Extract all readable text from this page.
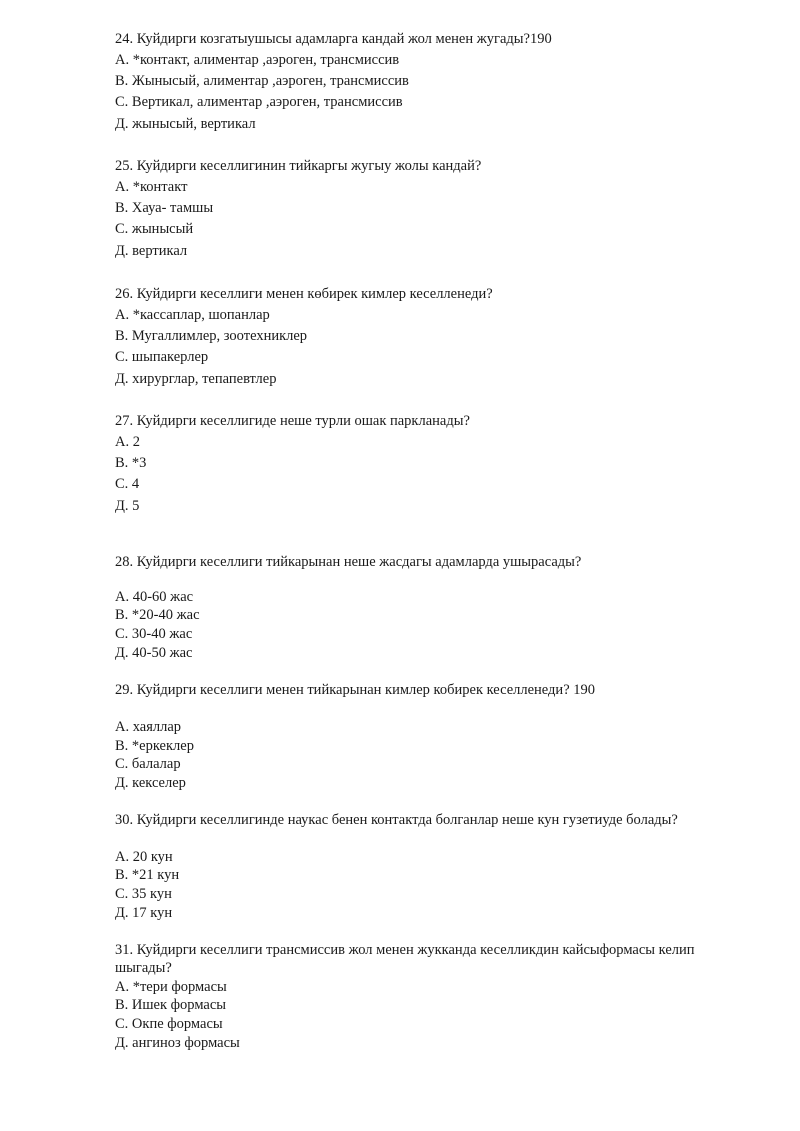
24. Куйдирги козгатыушысы адамларга кандай жол менен жугады?190
А. *контакт, алиментар ,аэроген, трансмиссив
В. Жынысый, алиментар ,аэроген, трансмиссив
С. Вертикал, алиментар ,аэроген, трансмиссив
Д. жынысый, вертикал
25. Куйдирги кеселлигинин тийкаргы жугыу жолы кандай?
А. *контакт
В. Хауа- тамшы
С. жынысый
Д. вертикал
26. Куйдирги кеселлиги менен көбирек кимлер кеселленеди?
А. *кассаплар, шопанлар
В. Мугаллимлер, зоотехниклер
С. шыпакерлер
Д. хирурглар, тепапевтлер
27. Куйдирги кеселлигиде неше турли ошак паркланады?
А. 2
В. *3
С. 4
Д. 5
28. Куйдирги кеселлиги тийкарынан неше жасдагы адамларда ушырасады?
А. 40-60 жас
В. *20-40 жас
С. 30-40 жас
Д. 40-50 жас
29. Куйдирги кеселлиги менен тийкарынан кимлер кобирек кеселленеди? 190
А. хаяллар
В. *еркеклер
С. балалар
Д. кекселер
30. Куйдирги кеселлигинде наукас бенен контактда болганлар неше кун гузетиуде болады?
А. 20 кун
В. *21 кун
С. 35 кун
Д. 17 кун
31. Куйдирги кеселлиги трансмиссив жол менен жукканда кеселликдин кайсыформасы келип шыгады?
А. *тери формасы
В. Ишек формасы
С. Окпе формасы
Д. ангиноз формасы
